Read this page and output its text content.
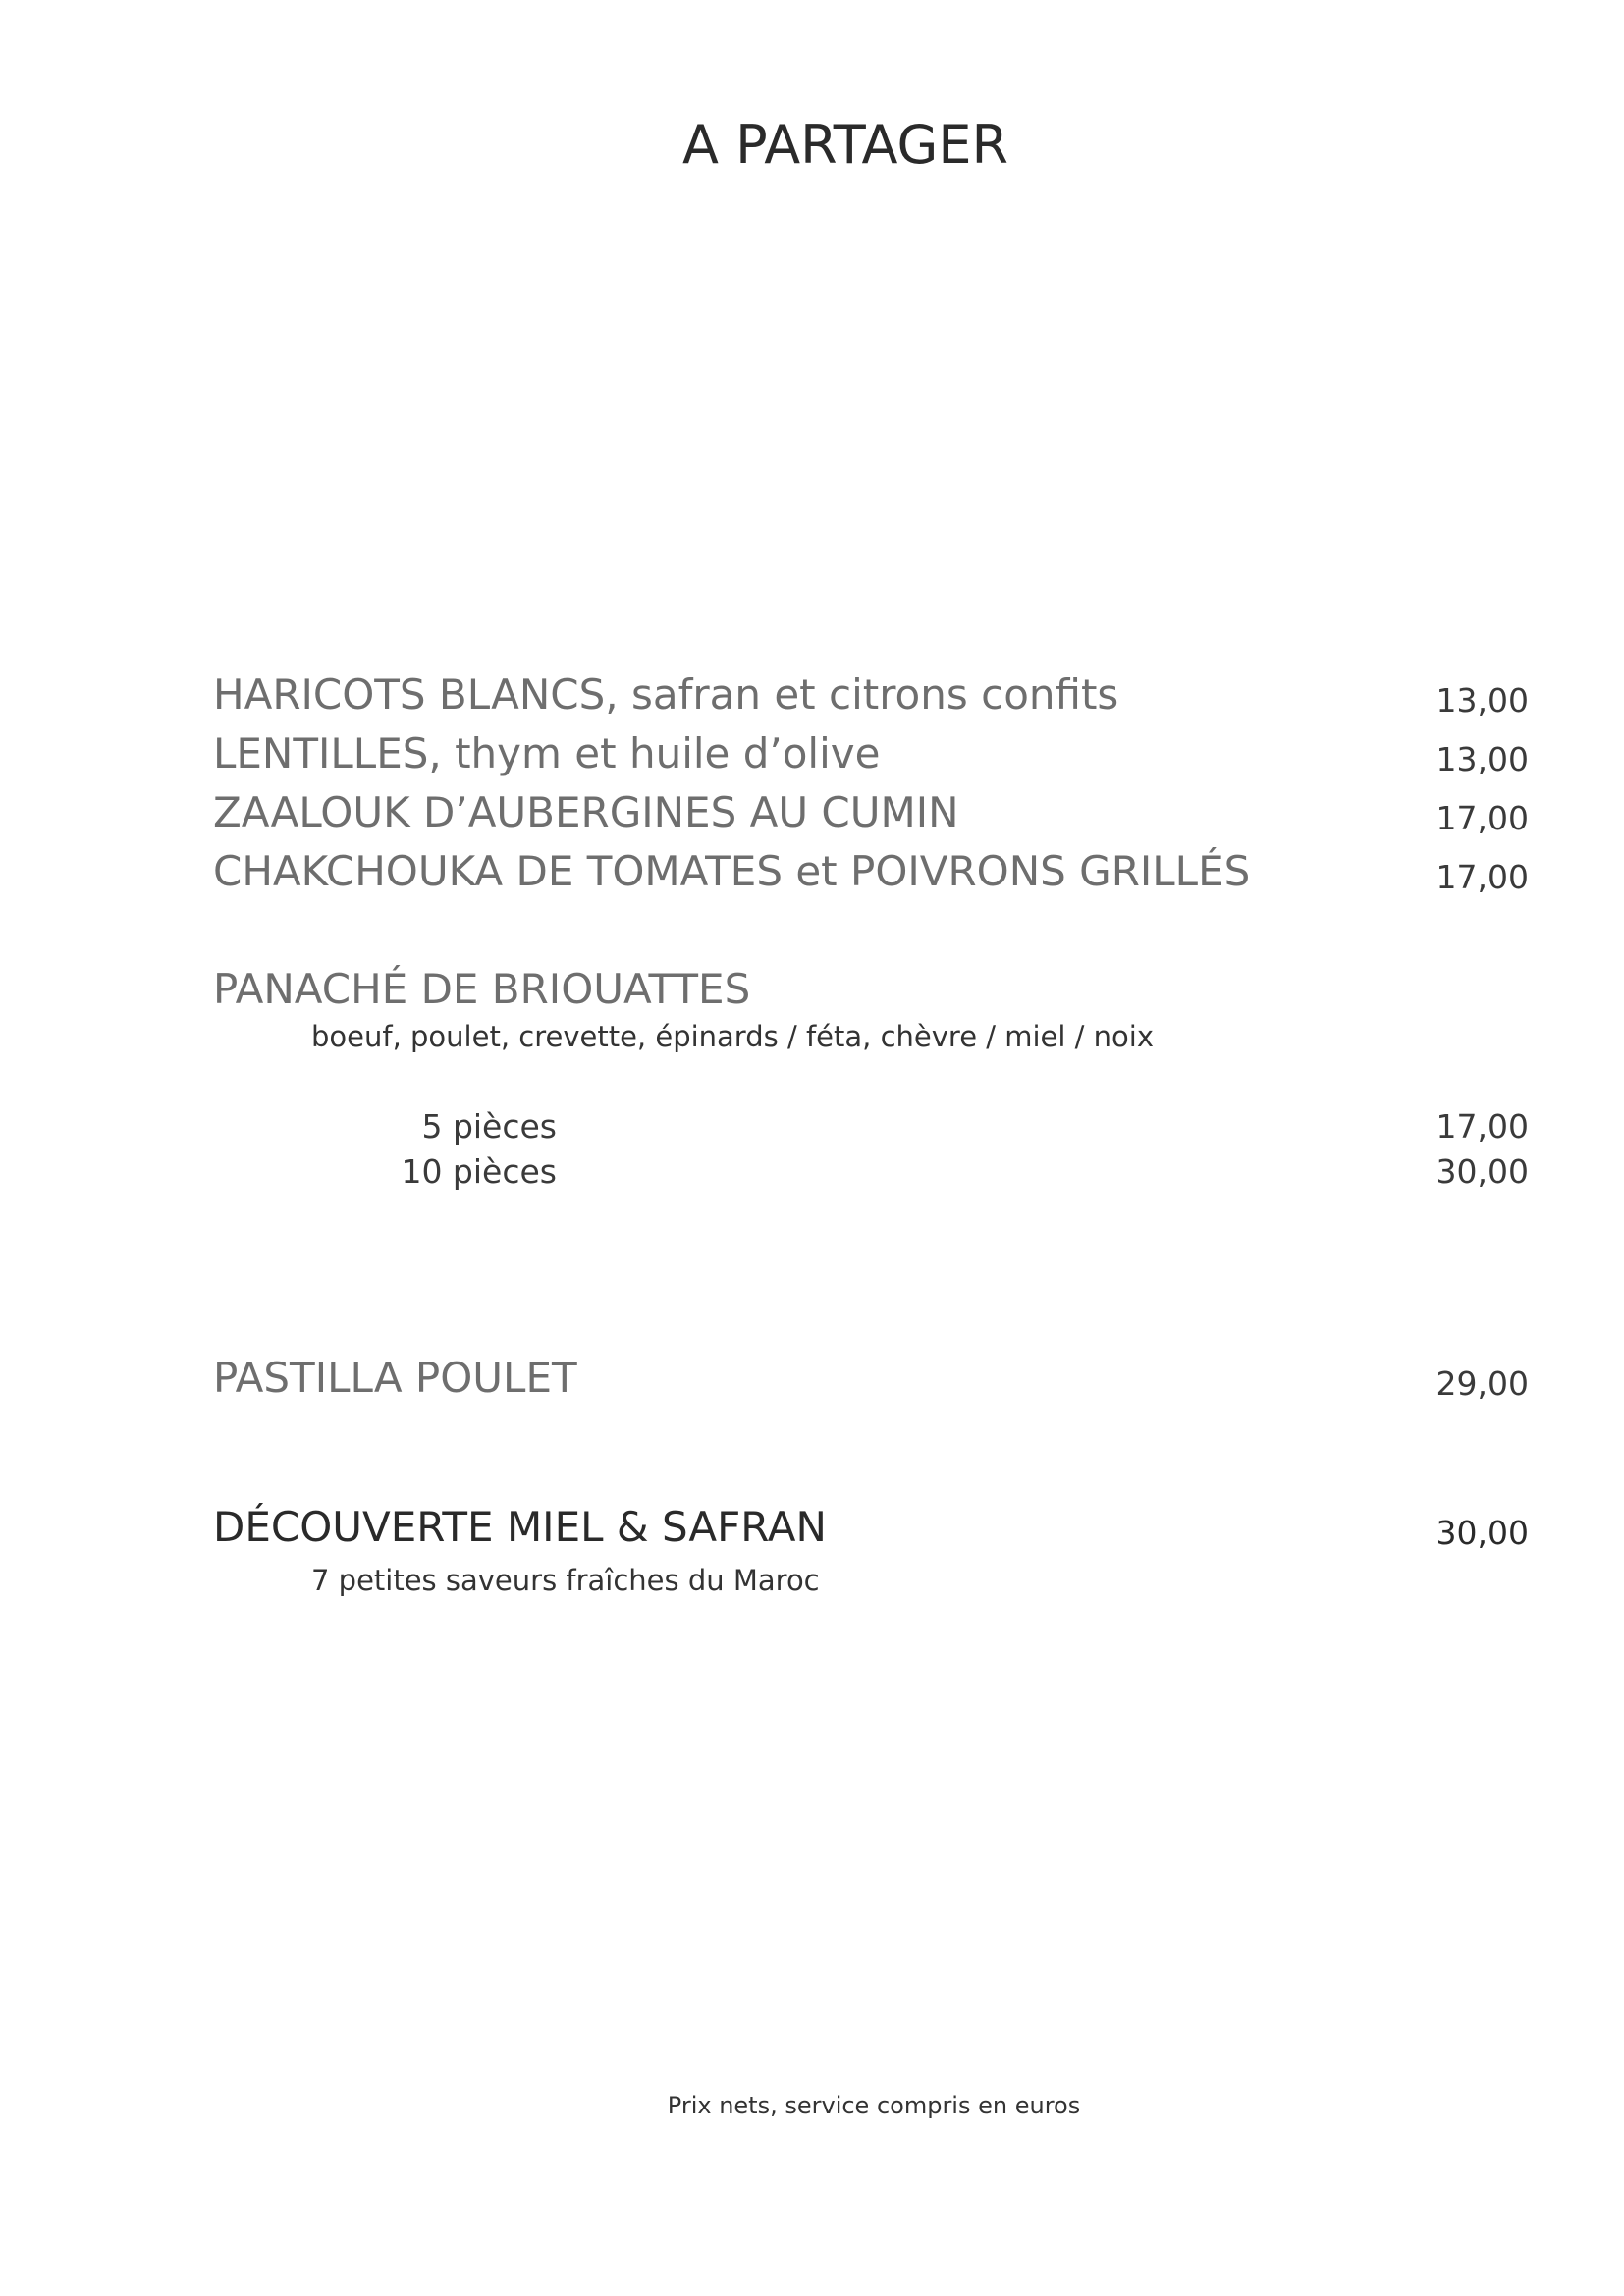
A PARTAGER
HARICOTS BLANCS, safran et citrons confits	13,00
LENTILLES, thym et huile d’olive	13,00
ZAALOUK D’AUBERGINES AU CUMIN	17,00
CHAKCHOUKA DE TOMATES et POIVRONS GRILLÉS	17,00
PANACHÉ DE BRIOUATTES
boeuf, poulet, crevette, épinards / féta, chèvre / miel / noix
5 pièces	17,00
10 pièces	30,00
PASTILLA POULET	29,00
DÉCOUVERTE MIEL & SAFRAN	30,00
7 petites saveurs fraîches du Maroc
Prix nets, service compris en euros
